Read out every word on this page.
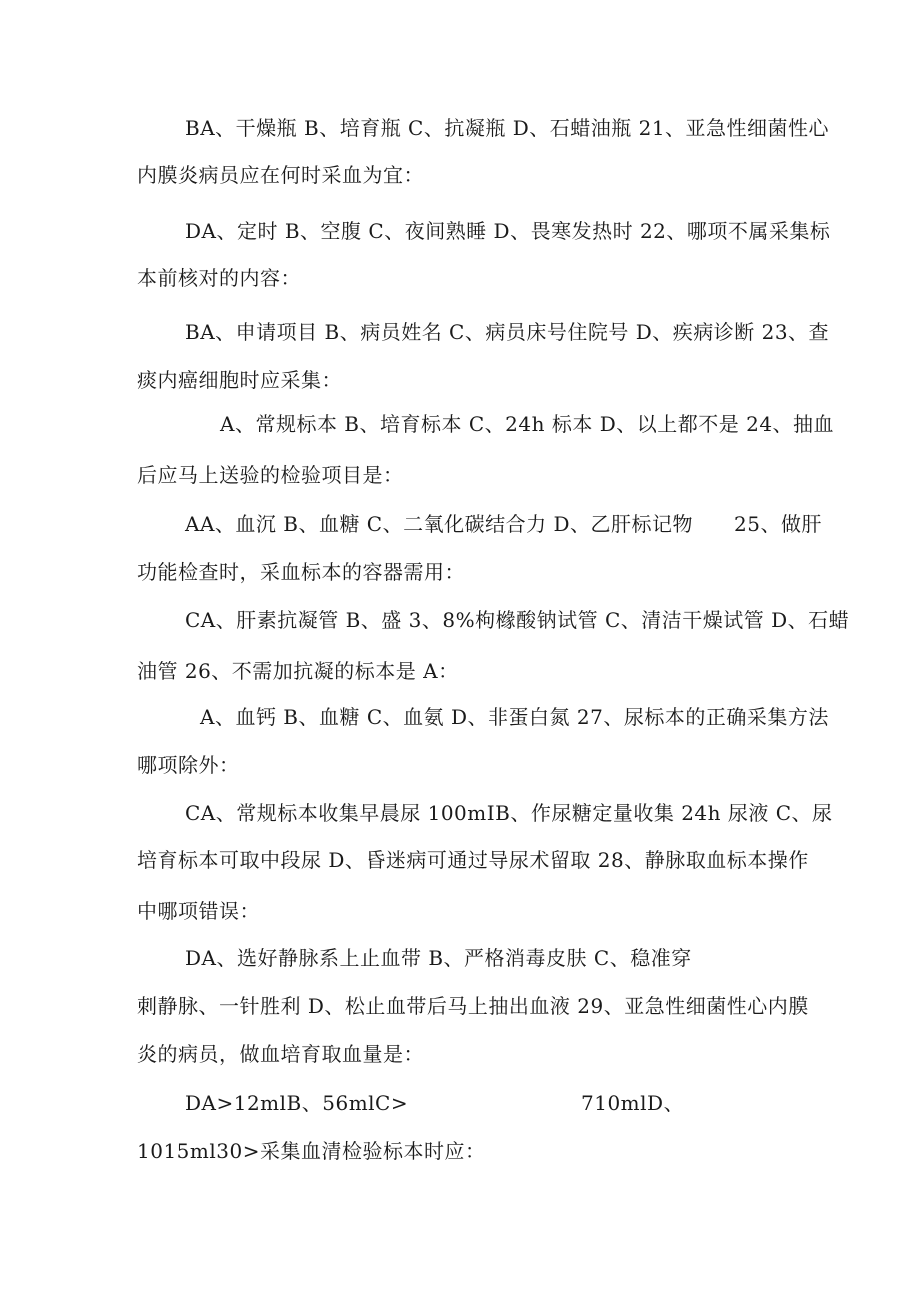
BA、干燥瓶 B、培育瓶 C、抗凝瓶 D、石蜡油瓶 21、亚急性细菌性心
内膜炎病员应在何时采血为宜：
DA、定时 B、空腹 C、夜间熟睡 D、畏寒发热时 22、哪项不属采集标
本前核对的内容：
BA、申请项目 B、病员姓名 C、病员床号住院号 D、疾病诊断 23、查
痰内癌细胞时应采集：
A、常规标本 B、培育标本 C、24h 标本 D、以上都不是 24、抽血
后应马上送验的检验项目是：
AA、血沉 B、血糖 C、二氧化碳结合力 D、乙肝标记物　　25、做肝
功能检查时，采血标本的容器需用：
CA、肝素抗凝管 B、盛 3、8%枸橼酸钠试管 C、清洁干燥试管 D、石蜡
油管 26、不需加抗凝的标本是 A：
A、血钙 B、血糖 C、血氨 D、非蛋白氮 27、尿标本的正确采集方法
哪项除外：
CA、常规标本收集早晨尿 100mIB、作尿糖定量收集 24h 尿液 C、尿
培育标本可取中段尿 D、昏迷病可通过导尿术留取 28、静脉取血标本操作
中哪项错误：
DA、选好静脉系上止血带 B、严格消毒皮肤 C、稳准穿
刺静脉、一针胜利 D、松止血带后马上抽出血液 29、亚急性细菌性心内膜
炎的病员，做血培育取血量是：
DA>12mlB、56mlC>	710mlD、
1015ml30>采集血清检验标本时应：
